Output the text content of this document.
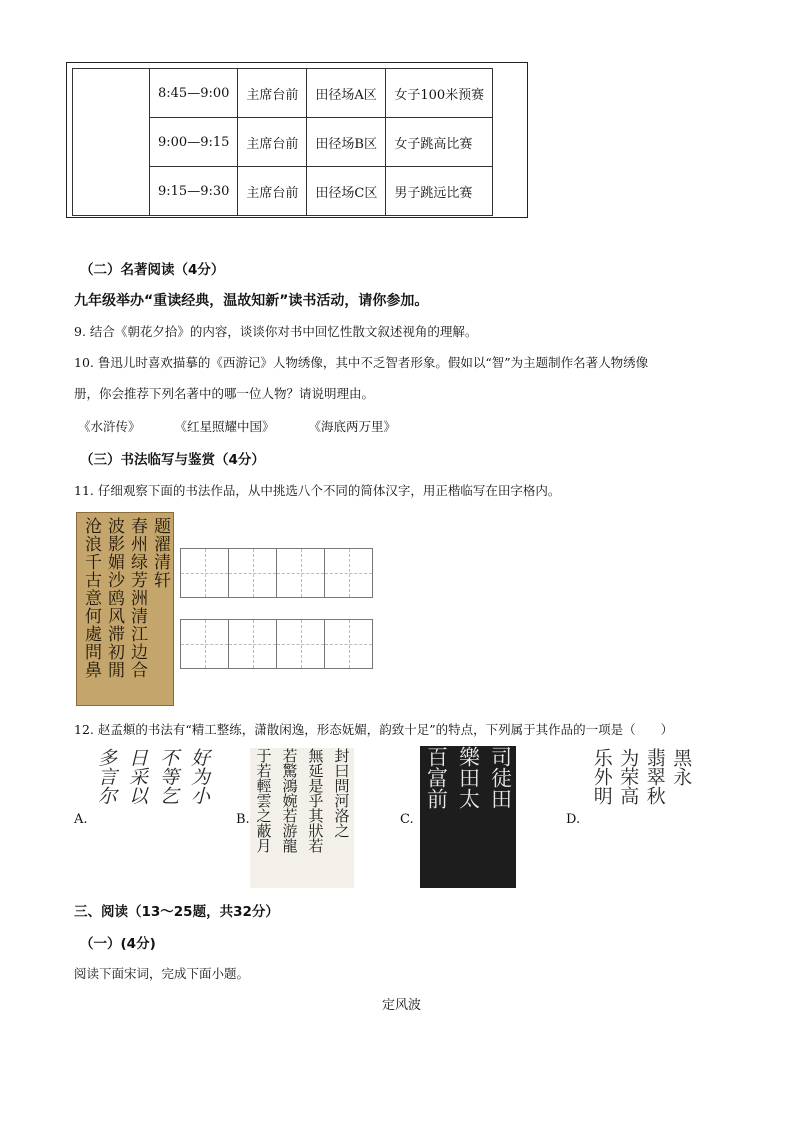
	8:45—9:00	主席台前	田径场A区	女子100米预赛
	9:00—9:15	主席台前	田径场B区	女子跳高比赛
	9:15—9:30	主席台前	田径场C区	男子跳远比赛
（二）名著阅读（4分）
九年级举办“重读经典，温故知新”读书活动，请你参加。
9. 结合《朝花夕拾》的内容，谈谈你对书中回忆性散文叙述视角的理解。
10. 鲁迅儿时喜欢描摹的《西游记》人物绣像，其中不乏智者形象。假如以“智”为主题制作名著人物绣像
册，你会推荐下列名著中的哪一位人物？请说明理由。
《水浒传》	《红星照耀中国》	《海底两万里》
（三）书法临写与鉴赏（4分）
11. 仔细观察下面的书法作品，从中挑选八个不同的简体汉字，用正楷临写在田字格内。
题濯清轩
春州绿芳洲清江边合
波影媚沙鸥风滞初閒
沧浪千古意何處問鼻
12. 赵孟頫的书法有“精工整练，潇散闲逸，形态妩媚，韵致十足”的特点，下列属于其作品的一项是（　　）
A.
好为小
不等乞
日采以
多言尔
B.	封曰問河洛之
無延是乎其狀若
若驚鴻婉若游龍
于若輕雲之蔽月	C.
司徒田
樂田太
百富前
D.
黑永
翡翠秋
为荣高
乐外明
三、阅读（13～25题，共32分）
（一）(4分)
阅读下面宋词，完成下面小题。
定风波
